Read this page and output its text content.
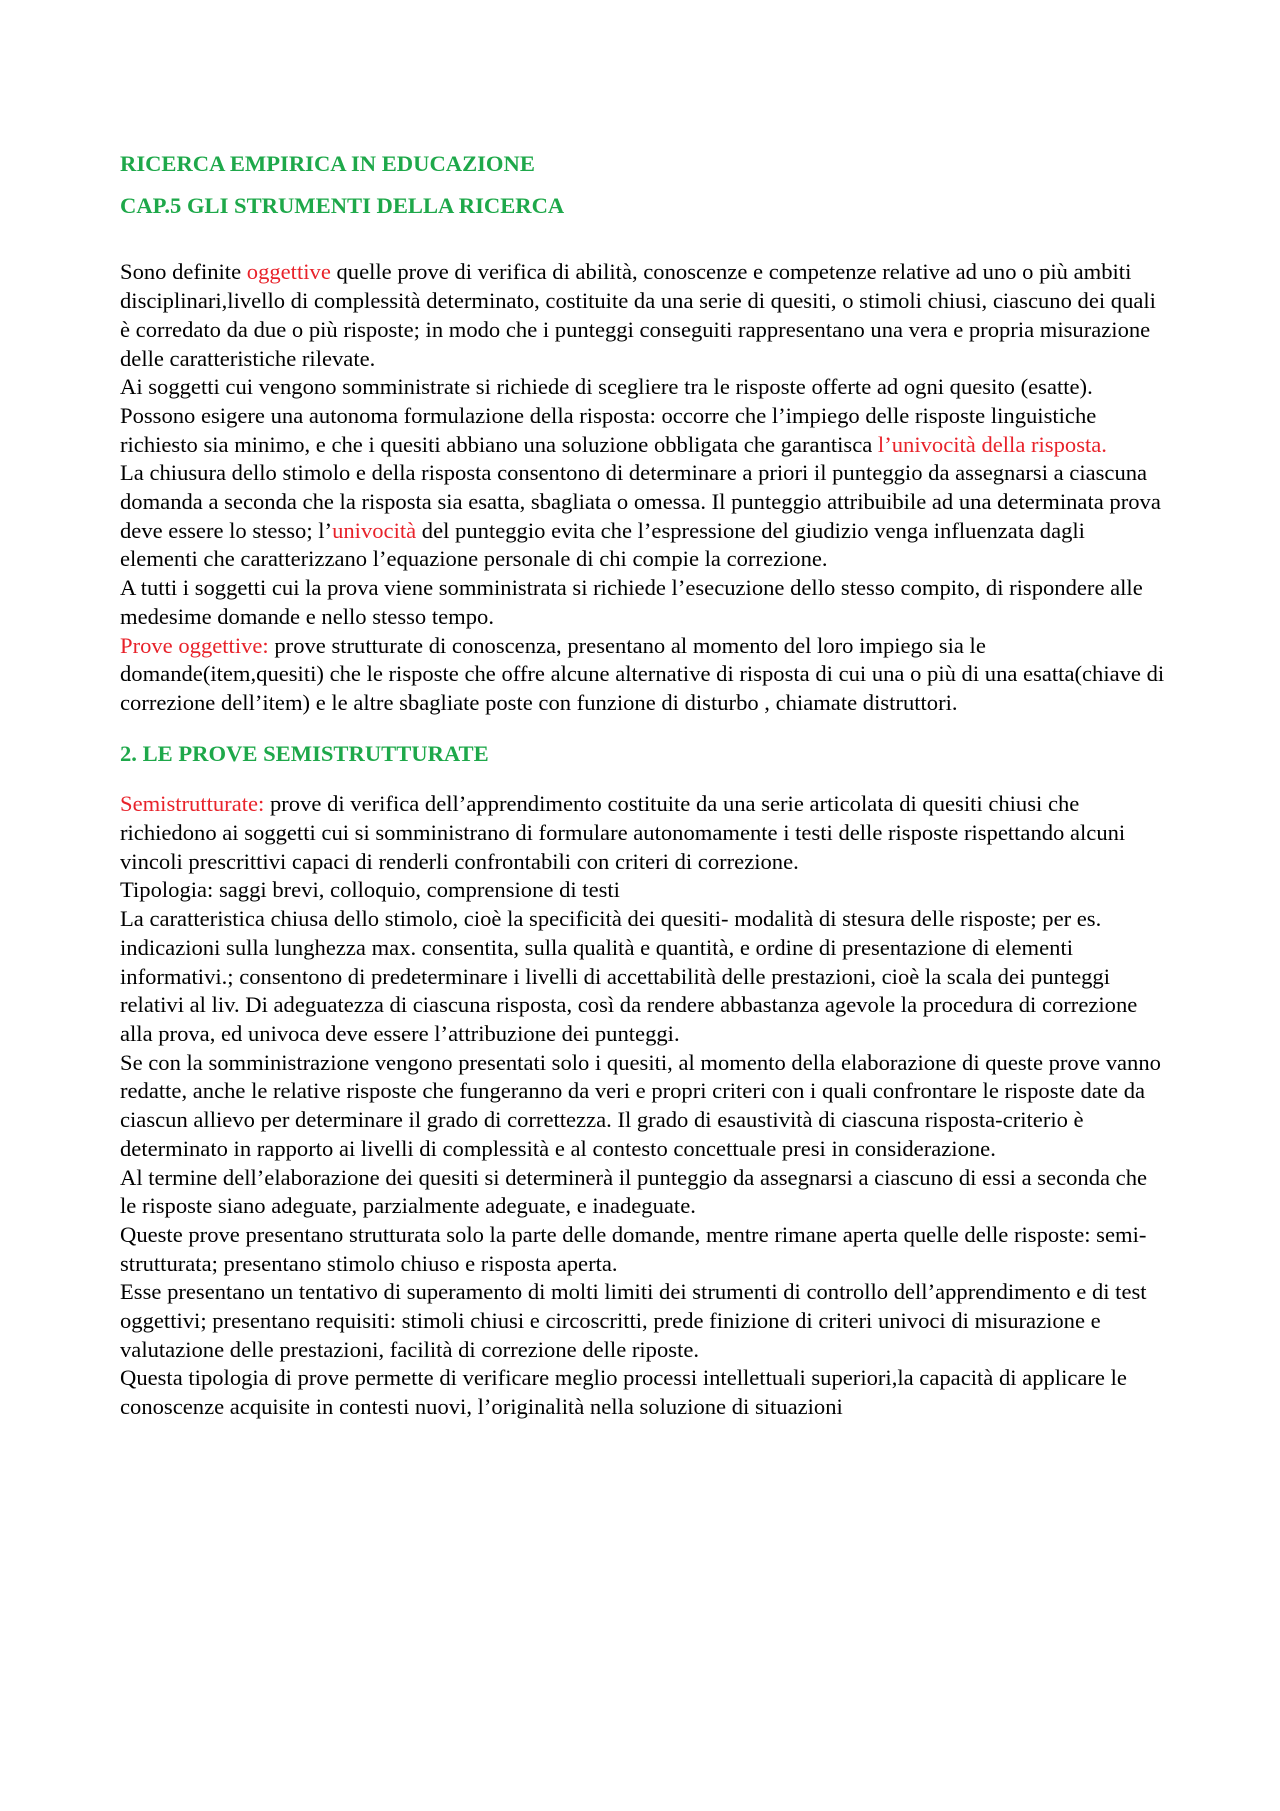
RICERCA EMPIRICA IN EDUCAZIONE

CAP.5 GLI STRUMENTI DELLA RICERCA

Sono definite oggettive quelle prove di verifica di abilità, conoscenze e competenze relative ad uno o più ambiti disciplinari,livello di complessità determinato, costituite da una serie di quesiti, o stimoli chiusi, ciascuno dei quali è corredato da due o più risposte; in modo che i punteggi conseguiti rappresentano una vera e propria misurazione delle caratteristiche rilevate.

Ai soggetti cui vengono somministrate si richiede di scegliere tra le risposte offerte ad ogni quesito (esatte). Possono esigere una autonoma formulazione della risposta: occorre che l’impiego delle risposte linguistiche richiesto sia minimo, e che i quesiti abbiano una soluzione obbligata che garantisca l’univocità della risposta.

La chiusura dello stimolo e della risposta consentono di determinare a priori il punteggio da assegnarsi a ciascuna domanda a seconda che la risposta sia esatta, sbagliata o omessa. Il punteggio attribuibile ad una determinata prova deve essere lo stesso; l’univocità del punteggio evita che l’espressione del giudizio venga influenzata dagli elementi che caratterizzano l’equazione personale di chi compie la correzione.

A tutti i soggetti cui la prova viene somministrata si richiede l’esecuzione dello stesso compito, di rispondere alle medesime domande e nello stesso tempo.

Prove oggettive: prove strutturate di conoscenza, presentano al momento del loro impiego sia le domande(item,quesiti) che le risposte che offre alcune alternative di risposta di cui una o più di una esatta(chiave di correzione dell’item) e le altre sbagliate poste con funzione di disturbo , chiamate distruttori.

2. LE PROVE SEMISTRUTTURATE

Semistrutturate: prove di verifica dell’apprendimento costituite da una serie articolata di quesiti chiusi che richiedono ai soggetti cui si somministrano di formulare autonomamente i testi delle risposte rispettando alcuni vincoli prescrittivi capaci di renderli confrontabili con criteri di correzione.

Tipologia: saggi brevi, colloquio, comprensione di testi

La caratteristica chiusa dello stimolo, cioè la specificità dei quesiti- modalità di stesura delle risposte; per es. indicazioni sulla lunghezza max. consentita, sulla qualità e quantità, e ordine di presentazione di elementi informativi.; consentono di predeterminare i livelli di accettabilità delle prestazioni, cioè la scala dei punteggi relativi al liv. Di adeguatezza di ciascuna risposta, così da rendere abbastanza agevole la procedura di correzione alla prova, ed univoca deve essere l’attribuzione dei punteggi.

Se con la somministrazione vengono presentati solo i quesiti, al momento della elaborazione di queste prove vanno redatte, anche le relative risposte che fungeranno da veri e propri criteri con i quali confrontare le risposte date da ciascun allievo per determinare il grado di correttezza. Il grado di esaustività di ciascuna risposta-criterio è determinato in rapporto ai livelli di complessità e al contesto concettuale presi in considerazione.

Al termine dell’elaborazione dei quesiti si determinerà il punteggio da assegnarsi a ciascuno di essi a seconda che le risposte siano adeguate, parzialmente adeguate, e inadeguate.

Queste prove presentano strutturata solo la parte delle domande, mentre rimane aperta quelle delle risposte: semi-strutturata; presentano stimolo chiuso e risposta aperta.

Esse presentano un tentativo di superamento di molti limiti dei strumenti di controllo dell’apprendimento e di test oggettivi; presentano requisiti: stimoli chiusi e circoscritti, prede finizione di criteri univoci di misurazione e valutazione delle prestazioni, facilità di correzione delle riposte.

Questa tipologia di prove permette di verificare meglio processi intellettuali superiori,la capacità di applicare le conoscenze acquisite in contesti nuovi, l’originalità nella soluzione di situazioni
